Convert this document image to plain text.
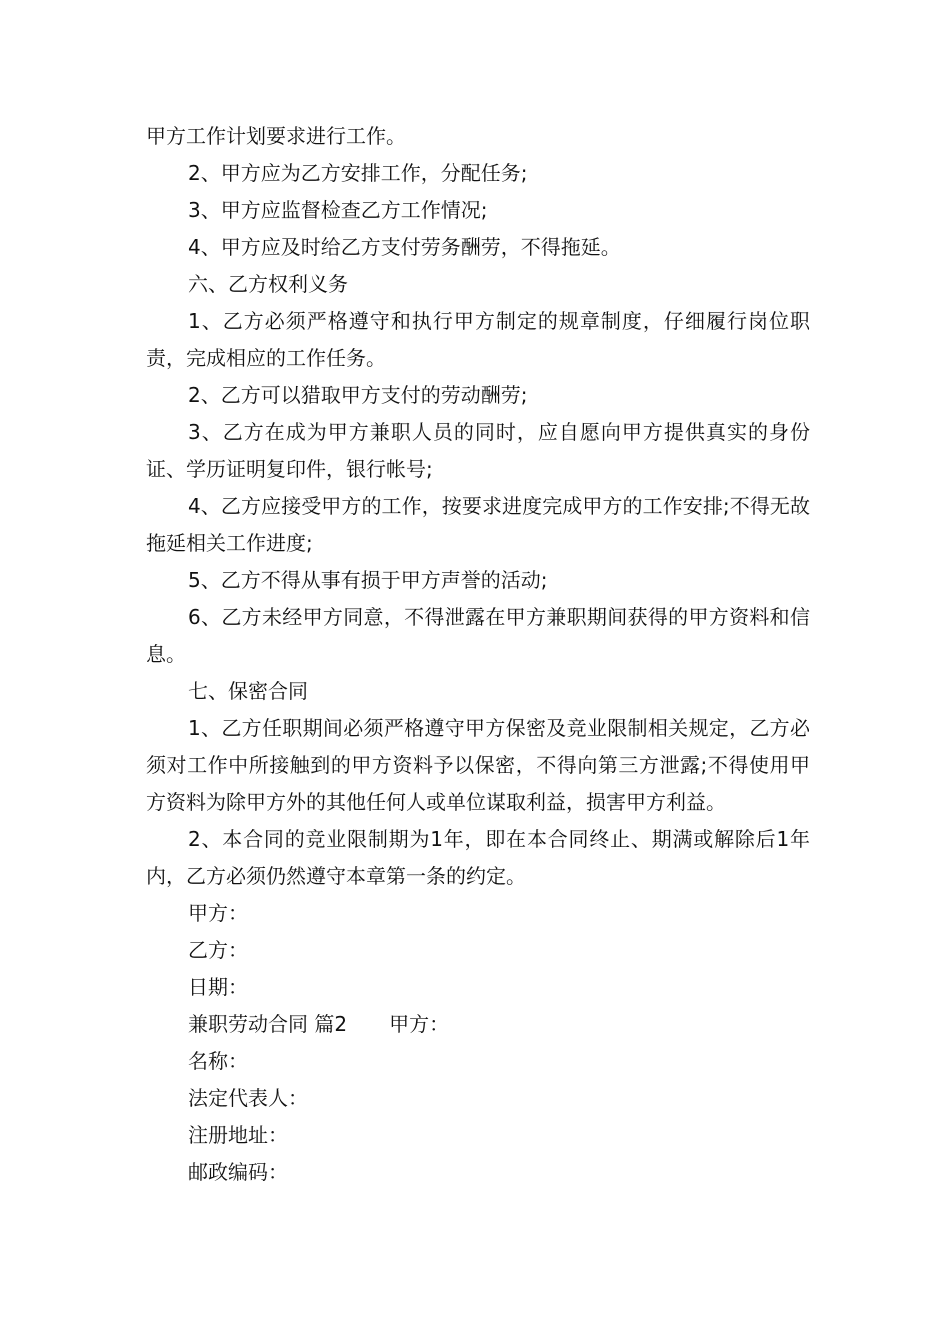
甲方工作计划要求进行工作。

2、甲方应为乙方安排工作，分配任务;

3、甲方应监督检查乙方工作情况;

4、甲方应及时给乙方支付劳务酬劳，不得拖延。

六、乙方权利义务

1、乙方必须严格遵守和执行甲方制定的规章制度，仔细履行岗位职责，完成相应的工作任务。

2、乙方可以猎取甲方支付的劳动酬劳;

3、乙方在成为甲方兼职人员的同时，应自愿向甲方提供真实的身份证、学历证明复印件，银行帐号;

4、乙方应接受甲方的工作，按要求进度完成甲方的工作安排;不得无故拖延相关工作进度;

5、乙方不得从事有损于甲方声誉的活动;

6、乙方未经甲方同意，不得泄露在甲方兼职期间获得的甲方资料和信息。

七、保密合同

1、乙方任职期间必须严格遵守甲方保密及竞业限制相关规定，乙方必须对工作中所接触到的甲方资料予以保密，不得向第三方泄露;不得使用甲方资料为除甲方外的其他任何人或单位谋取利益，损害甲方利益。

2、本合同的竞业限制期为1年，即在本合同终止、期满或解除后1年内，乙方必须仍然遵守本章第一条的约定。

甲方：

乙方：

日期：

兼职劳动合同 篇2 甲方：

名称：

法定代表人：

注册地址：

邮政编码：
